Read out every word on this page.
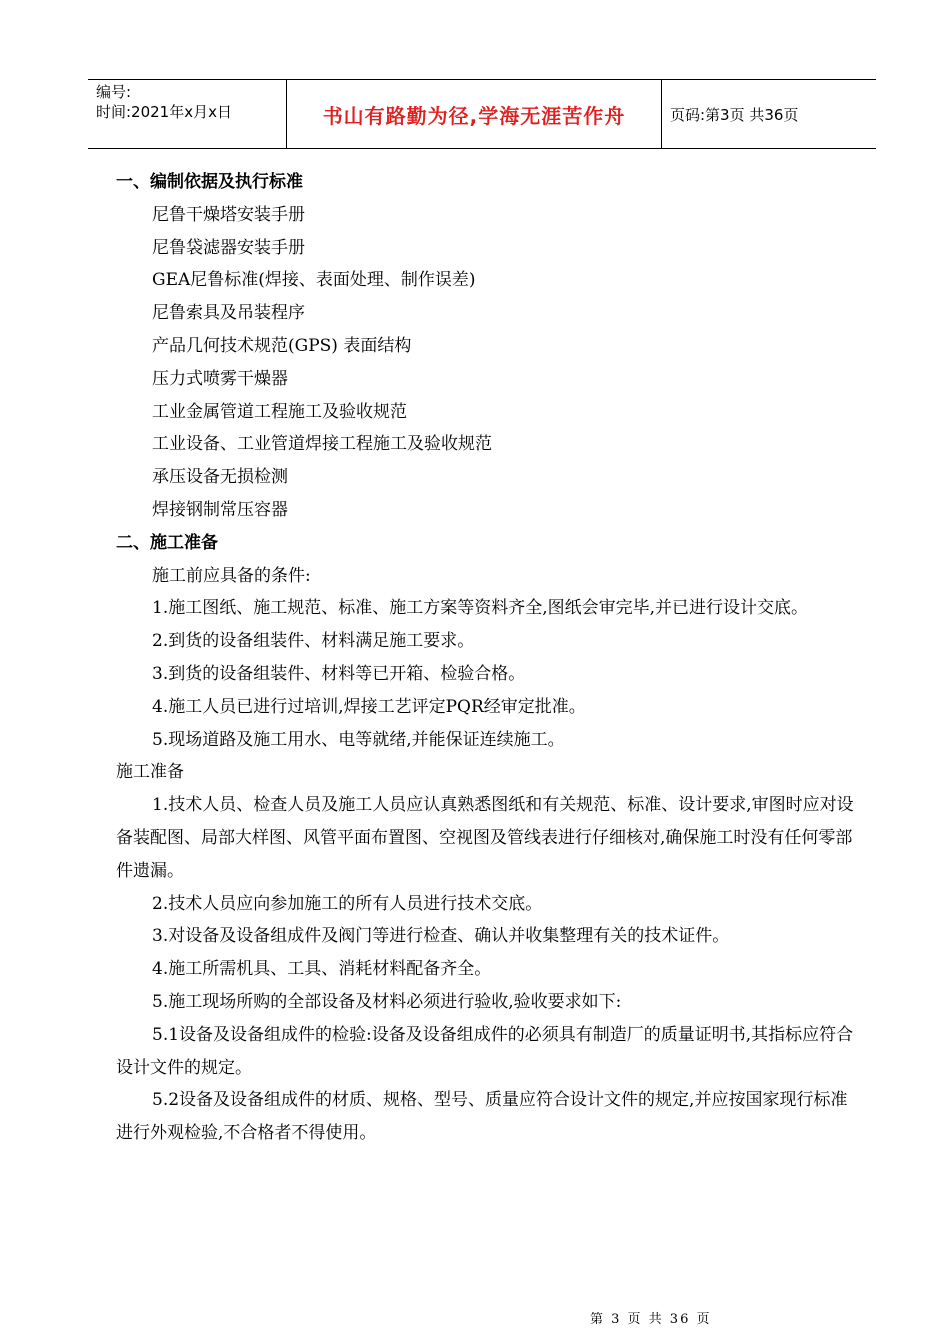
编号:
时间:2021年x月x日	书山有路勤为径,学海无涯苦作舟	页码:第3页 共36页
一、编制依据及执行标准
尼鲁干燥塔安装手册
尼鲁袋滤器安装手册
GEA尼鲁标准(焊接、表面处理、制作误差)
尼鲁索具及吊装程序
产品几何技术规范(GPS) 表面结构
压力式喷雾干燥器
工业金属管道工程施工及验收规范
工业设备、工业管道焊接工程施工及验收规范
承压设备无损检测
焊接钢制常压容器
二、施工准备
施工前应具备的条件:
1.施工图纸、施工规范、标准、施工方案等资料齐全,图纸会审完毕,并已进行设计交底。
2.到货的设备组装件、材料满足施工要求。
3.到货的设备组装件、材料等已开箱、检验合格。
4.施工人员已进行过培训,焊接工艺评定PQR经审定批准。
5.现场道路及施工用水、电等就绪,并能保证连续施工。
施工准备
1.技术人员、检查人员及施工人员应认真熟悉图纸和有关规范、标准、设计要求,审图时应对设备装配图、局部大样图、风管平面布置图、空视图及管线表进行仔细核对,确保施工时没有任何零部件遗漏。
2.技术人员应向参加施工的所有人员进行技术交底。
3.对设备及设备组成件及阀门等进行检查、确认并收集整理有关的技术证件。
4.施工所需机具、工具、消耗材料配备齐全。
5.施工现场所购的全部设备及材料必须进行验收,验收要求如下:
5.1设备及设备组成件的检验:设备及设备组成件的必须具有制造厂的质量证明书,其指标应符合设计文件的规定。
5.2设备及设备组成件的材质、规格、型号、质量应符合设计文件的规定,并应按国家现行标准进行外观检验,不合格者不得使用。
第 3 页 共 36 页
